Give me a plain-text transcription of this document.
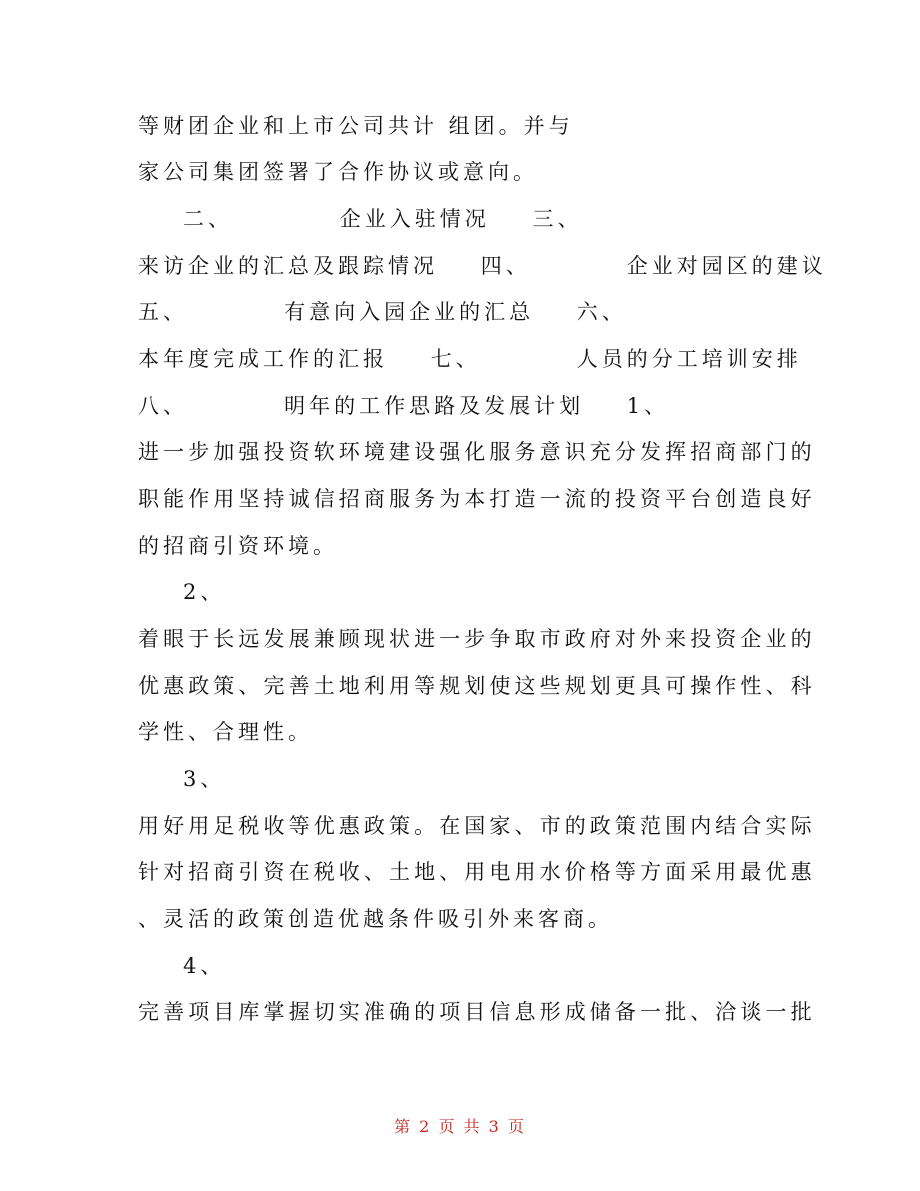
等财团企业和上市公司共计 组团。并与
家公司集团签署了合作协议或意向。
二、          企业入驻情况    三、
来访企业的汇总及跟踪情况    四、         企业对园区的建议
五、         有意向入园企业的汇总    六、
本年度完成工作的汇报    七、         人员的分工培训安排
八、         明年的工作思路及发展计划    1、
进一步加强投资软环境建设强化服务意识充分发挥招商部门的
职能作用坚持诚信招商服务为本打造一流的投资平台创造良好
的招商引资环境。
2、
着眼于长远发展兼顾现状进一步争取市政府对外来投资企业的
优惠政策、完善土地利用等规划使这些规划更具可操作性、科
学性、合理性。
3、
用好用足税收等优惠政策。在国家、市的政策范围内结合实际
针对招商引资在税收、土地、用电用水价格等方面采用最优惠
、灵活的政策创造优越条件吸引外来客商。
4、
完善项目库掌握切实准确的项目信息形成储备一批、洽谈一批
第 2 页 共 3 页
